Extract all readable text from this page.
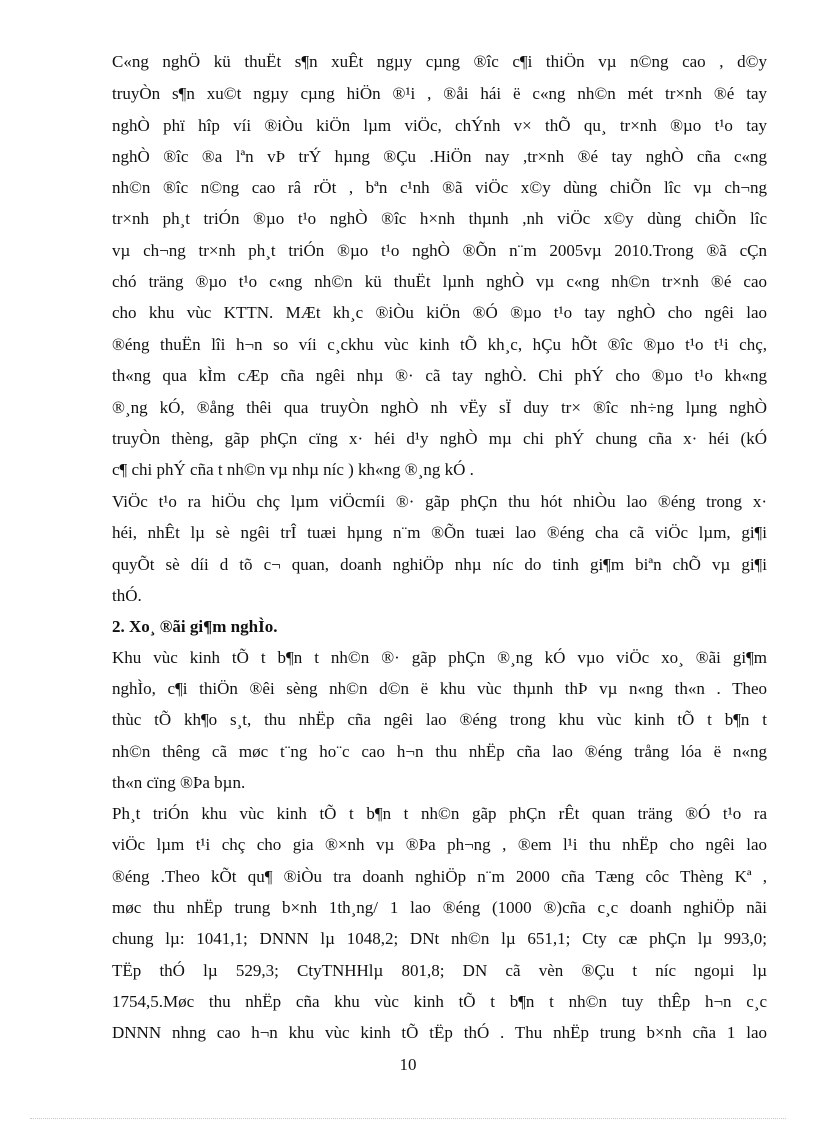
C«ng nghÖ kü thuËt s¶n xuÊt ngµy cµng ®îc c¶i thiÖn vµ n©ng cao , d©y
truyÒn s¶n xu©t ngµy cµng hiÖn ®¹i , ®åi hái ë c«ng nh©n mét tr×nh ®é tay
nghÒ phï hîp víi ®iÒu kiÖn lµm viÖc, chÝnh v× thÕ qu¸ tr×nh ®µo t¹o tay
nghÒ ®îc ®a lªn vÞ trÝ hµng ®Çu .HiÖn nay ,tr×nh ®é tay nghÒ cña c«ng
nh©n ®îc n©ng cao râ rÖt , bªn c¹nh ®ã viÖc x©y dùng chiÕn lîc vµ ch¬ng
tr×nh ph¸t triÓn ®µo t¹o nghÒ ®îc h×nh thµnh ,nh viÖc x©y dùng chiÕn lîc
vµ ch¬ng tr×nh ph¸t triÓn ®µo t¹o nghÒ ®Õn n¨m 2005vµ 2010.Trong ®ã cÇn
chó träng ®µo t¹o c«ng nh©n kü thuËt lµnh nghÒ vµ c«ng nh©n tr×nh ®é cao
cho khu vùc KTTN. MÆt kh¸c ®iÒu kiÖn ®Ó ®µo t¹o tay nghÒ cho ngêi lao
®éng thuËn lîi h¬n so víi c¸ckhu vùc kinh tÕ kh¸c, hÇu hÕt ®îc ®µo t¹o t¹i chç,
th«ng qua kÌm cÆp cña ngêi nhµ ®· cã tay nghÒ. Chi phÝ cho ®µo t¹o kh«ng
®¸ng kÓ, ®ång thêi qua truyÒn nghÒ nh vËy sÏ duy tr× ®îc nh÷ng lµng nghÒ
truyÒn thèng, gãp phÇn cïng x· héi d¹y nghÒ mµ chi phÝ chung cña x· héi (kÓ
c¶ chi phÝ cña t nh©n vµ nhµ níc ) kh«ng ®¸ng kÓ .
ViÖc t¹o ra hiÖu chç lµm viÖcmíi ®· gãp phÇn thu hót nhiÒu lao ®éng trong x·
héi, nhÊt lµ sè ngêi trÎ tuæi hµng n¨m ®Õn tuæi lao ®éng cha cã viÖc lµm, gi¶i
quyÕt sè díi d tõ c¬ quan, doanh nghiÖp nhµ níc do tinh gi¶m biªn chÕ vµ gi¶i
thÓ.
2. Xo¸ ®ãi gi¶m nghÌo.
Khu vùc kinh tÕ t b¶n t nh©n ®· gãp phÇn ®¸ng kÓ vµo viÖc xo¸ ®ãi gi¶m
nghÌo, c¶i thiÖn ®êi sèng nh©n d©n ë khu vùc thµnh thÞ vµ n«ng th«n . Theo
thùc tÕ kh¶o s¸t, thu nhËp cña ngêi lao ®éng trong khu vùc kinh tÕ t b¶n t
nh©n thêng cã møc t¨ng ho¨c cao h¬n thu nhËp cña lao ®éng trång lóa ë n«ng
th«n cïng ®Þa bµn.
Ph¸t triÓn khu vùc kinh tÕ t b¶n t nh©n gãp phÇn rÊt quan träng ®Ó t¹o ra
viÖc lµm t¹i chç cho gia ®×nh vµ ®Þa ph¬ng , ®em l¹i thu nhËp cho ngêi lao
®éng .Theo kÕt qu¶ ®iÒu tra doanh nghiÖp n¨m 2000 cña Tæng côc Thèng Kª ,
møc thu nhËp trung b×nh 1th¸ng/ 1 lao ®éng (1000 ®)cña c¸c doanh nghiÖp nãi
chung lµ: 1041,1; DNNN lµ 1048,2; DNt nh©n lµ 651,1; Cty cæ phÇn lµ 993,0;
TËp thÓ lµ 529,3; CtyTNHHlµ 801,8; DN cã vèn ®Çu t níc ngoµi lµ
1754,5.Møc thu nhËp cña khu vùc kinh tÕ t b¶n t nh©n tuy thÊp h¬n c¸c
DNNN nhng cao h¬n khu vùc kinh tÕ tËp thÓ . Thu nhËp trung b×nh cña 1 lao
10
